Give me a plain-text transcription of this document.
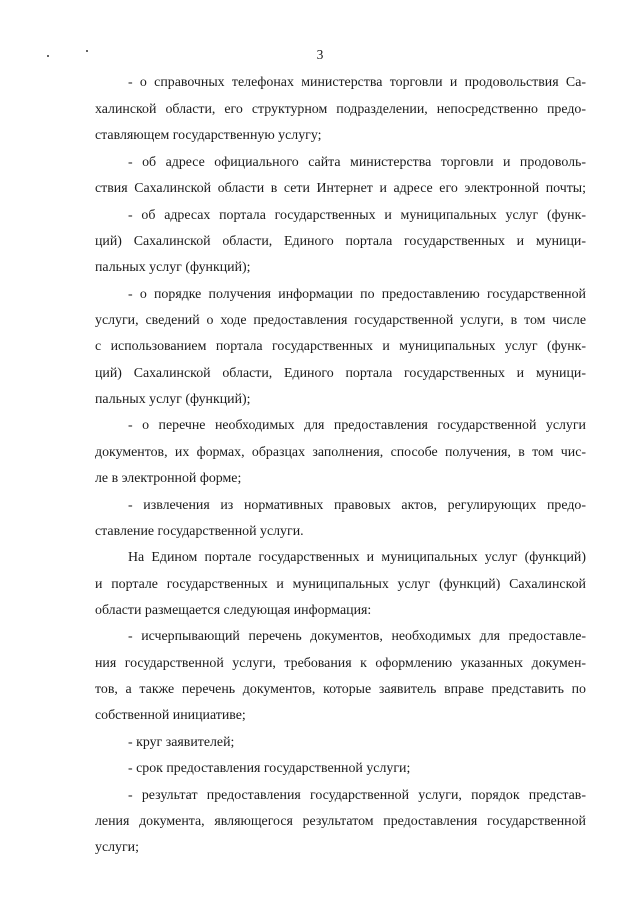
3
- о справочных телефонах министерства торговли и продовольствия Са-
халинской области, его структурном подразделении, непосредственно предо-
ставляющем государственную услугу;
- об адресе официального сайта министерства торговли и продоволь-
ствия Сахалинской области в сети Интернет и адресе его электронной почты;
- об адресах портала государственных и муниципальных услуг (функ-
ций) Сахалинской области, Единого портала государственных и муници-
пальных услуг (функций);
- о порядке получения информации по предоставлению государственной
услуги, сведений о ходе предоставления государственной услуги, в том числе
с использованием портала государственных и муниципальных услуг (функ-
ций) Сахалинской области, Единого портала государственных и муници-
пальных услуг (функций);
- о перечне необходимых для предоставления государственной услуги
документов, их формах, образцах заполнения, способе получения, в том чис-
ле в электронной форме;
- извлечения из нормативных правовых актов, регулирующих предо-
ставление государственной услуги.
На Едином портале государственных и муниципальных услуг (функций)
и портале государственных и муниципальных услуг (функций) Сахалинской
области размещается следующая информация:
- исчерпывающий перечень документов, необходимых для предоставле-
ния государственной услуги, требования к оформлению указанных докумен-
тов, а также перечень документов, которые заявитель вправе представить по
собственной инициативе;
- круг заявителей;
- срок предоставления государственной услуги;
- результат предоставления государственной услуги, порядок представ-
ления документа, являющегося результатом предоставления государственной
услуги;
